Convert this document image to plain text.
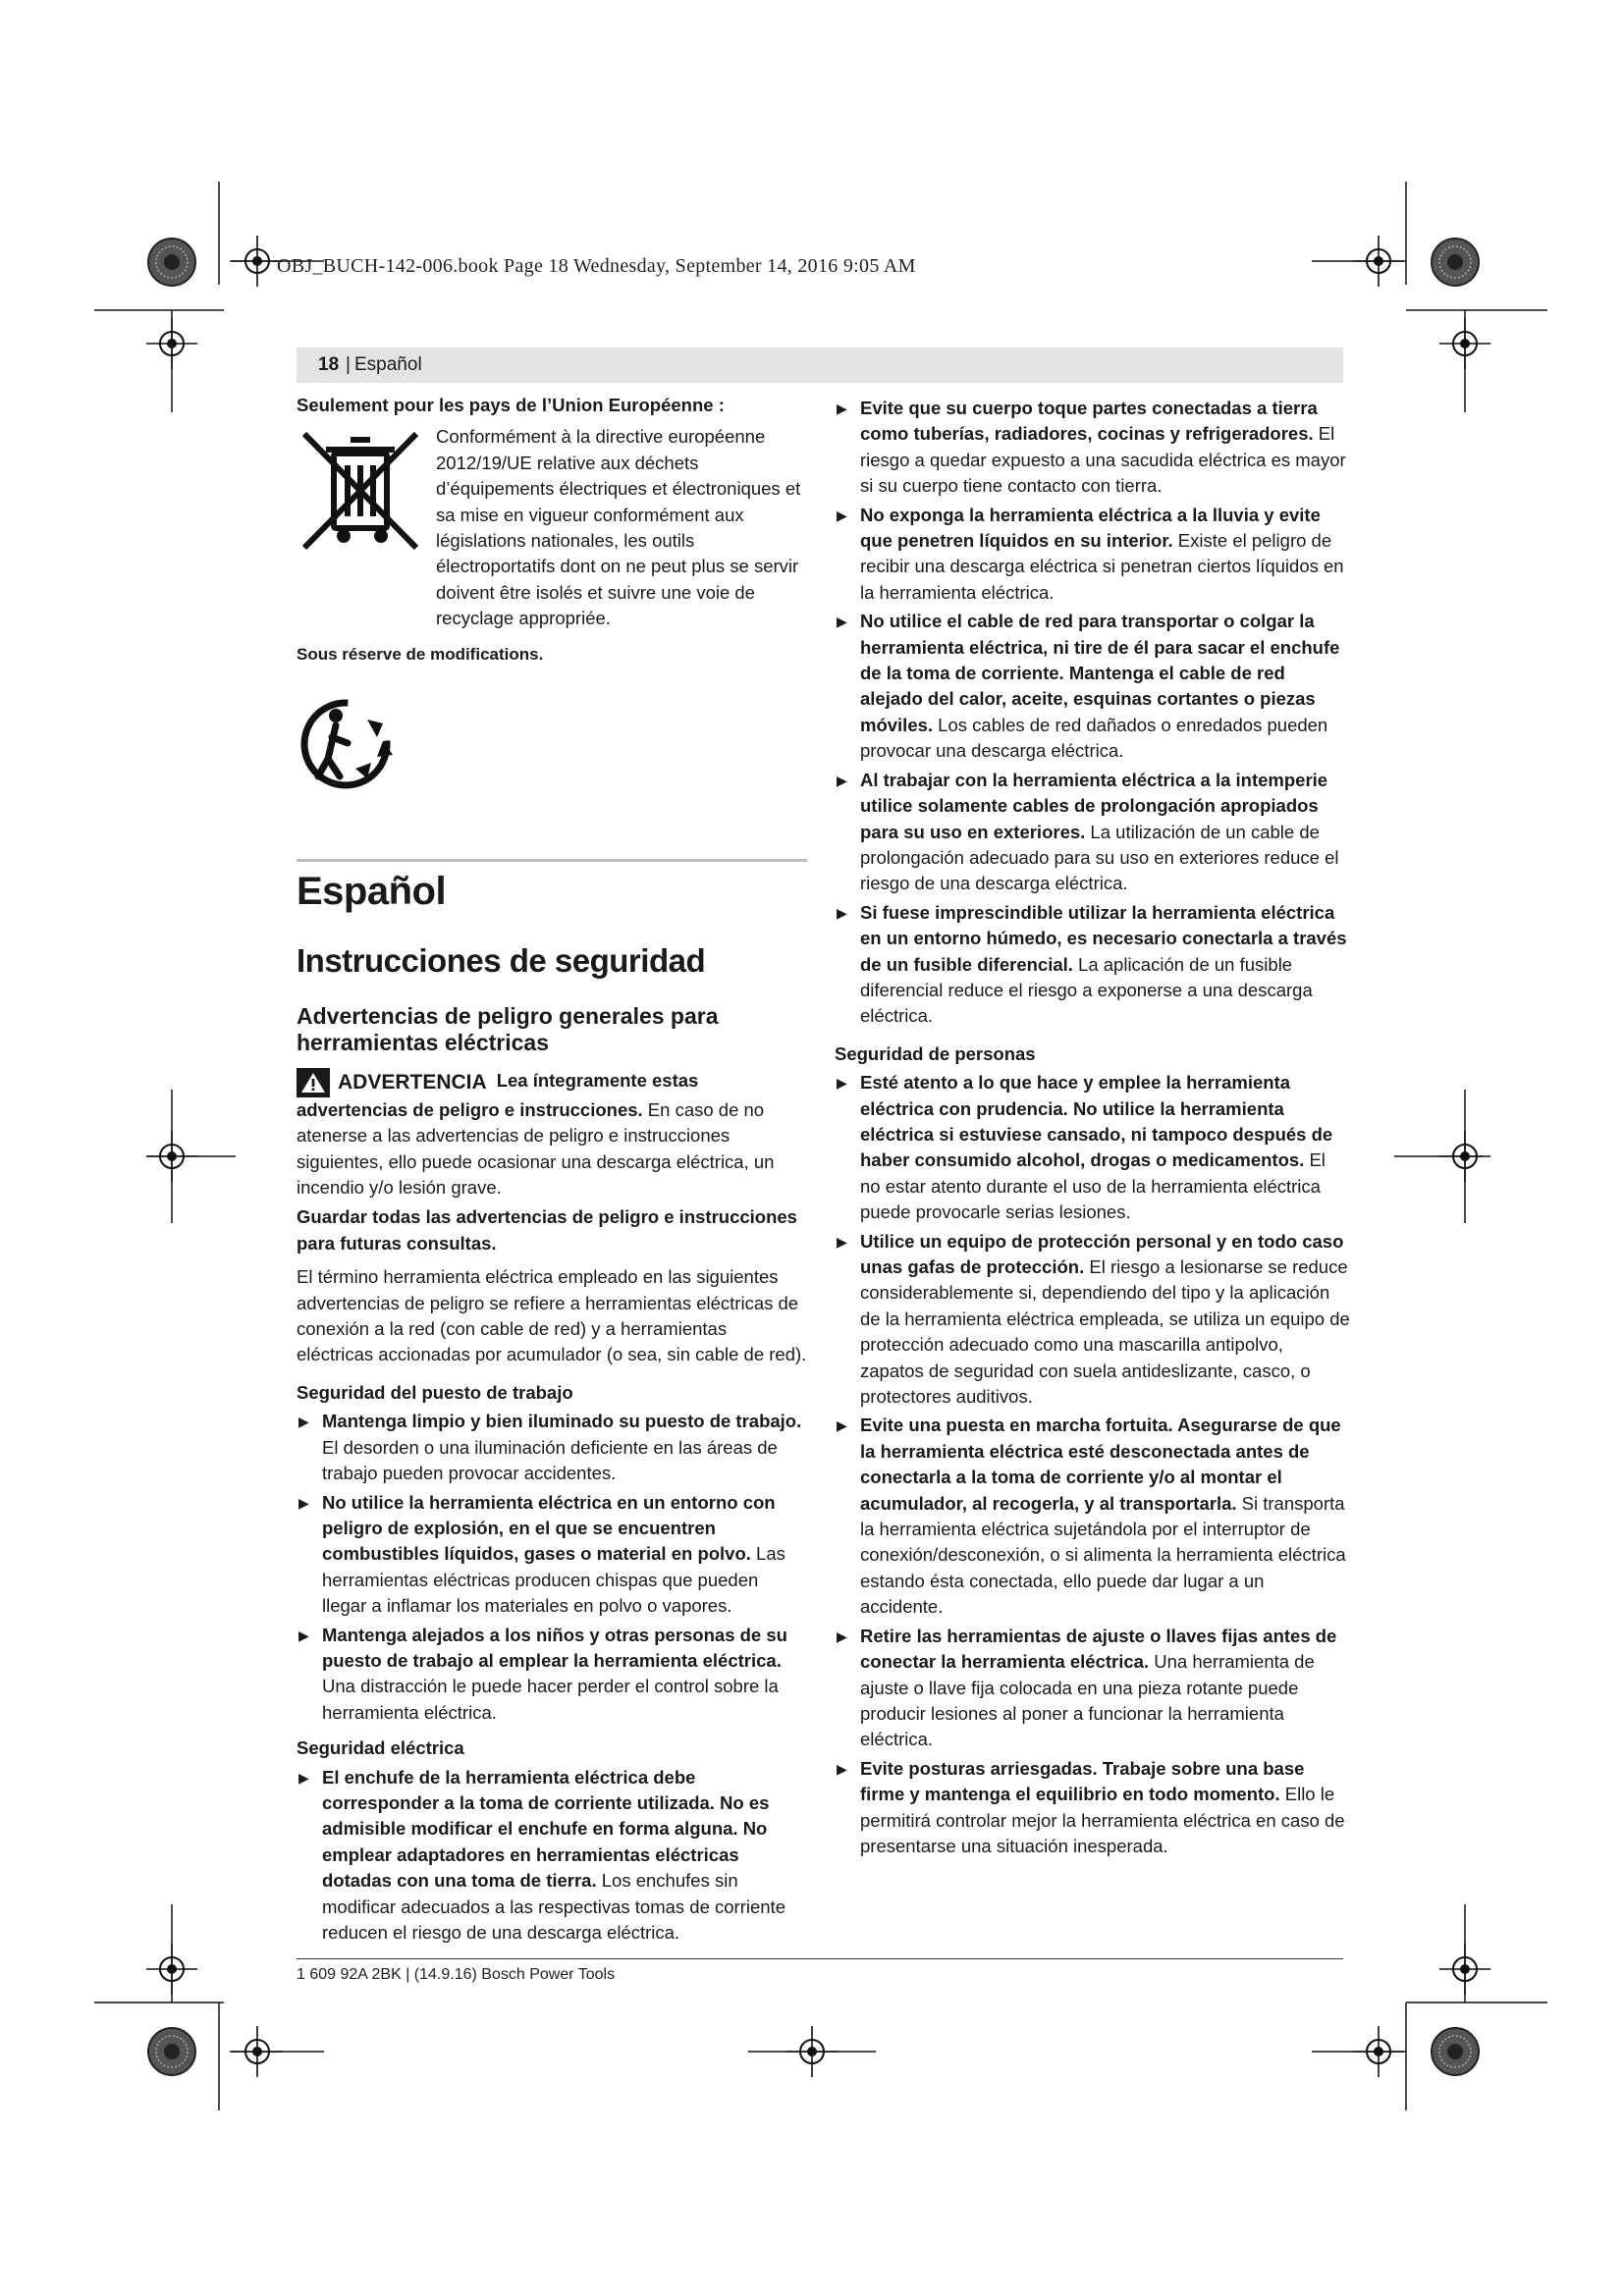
OBJ_BUCH-142-006.book Page 18 Wednesday, September 14, 2016 9:05 AM
18 | Español

Seulement pour les pays de l’Union Européenne :

Conformément à la directive européenne 2012/19/UE relative aux déchets d’équipements électriques et électroniques et sa mise en vigueur conformément aux législations nationales, les outils électroportatifs dont on ne peut plus se servir doivent être isolés et suivre une voie de recyclage appropriée.

Sous réserve de modifications.

Español
Instrucciones de seguridad
Advertencias de peligro generales para herramientas eléctricas
ADVERTENCIA Lea íntegramente estas advertencias de peligro e instrucciones. En caso de no atenerse a las advertencias de peligro e instrucciones siguientes, ello puede ocasionar una descarga eléctrica, un incendio y/o lesión grave.

Guardar todas las advertencias de peligro e instrucciones para futuras consultas.

El término herramienta eléctrica empleado en las siguientes advertencias de peligro se refiere a herramientas eléctricas de conexión a la red (con cable de red) y a herramientas eléctricas accionadas por acumulador (o sea, sin cable de red).

Seguridad del puesto de trabajo

▶ Mantenga limpio y bien iluminado su puesto de trabajo. El desorden o una iluminación deficiente en las áreas de trabajo pueden provocar accidentes.
▶ No utilice la herramienta eléctrica en un entorno con peligro de explosión, en el que se encuentren combustibles líquidos, gases o material en polvo. Las herramientas eléctricas producen chispas que pueden llegar a inflamar los materiales en polvo o vapores.
▶ Mantenga alejados a los niños y otras personas de su puesto de trabajo al emplear la herramienta eléctrica. Una distracción le puede hacer perder el control sobre la herramienta eléctrica.

Seguridad eléctrica

▶ El enchufe de la herramienta eléctrica debe corresponder a la toma de corriente utilizada. No es admisible modificar el enchufe en forma alguna. No emplear adaptadores en herramientas eléctricas dotadas con una toma de tierra. Los enchufes sin modificar adecuados a las respectivas tomas de corriente reducen el riesgo de una descarga eléctrica.
▶ Evite que su cuerpo toque partes conectadas a tierra como tuberías, radiadores, cocinas y refrigeradores. El riesgo a quedar expuesto a una sacudida eléctrica es mayor si su cuerpo tiene contacto con tierra.
▶ No exponga la herramienta eléctrica a la lluvia y evite que penetren líquidos en su interior. Existe el peligro de recibir una descarga eléctrica si penetran ciertos líquidos en la herramienta eléctrica.
▶ No utilice el cable de red para transportar o colgar la herramienta eléctrica, ni tire de él para sacar el enchufe de la toma de corriente. Mantenga el cable de red alejado del calor, aceite, esquinas cortantes o piezas móviles. Los cables de red dañados o enredados pueden provocar una descarga eléctrica.
▶ Al trabajar con la herramienta eléctrica a la intemperie utilice solamente cables de prolongación apropiados para su uso en exteriores. La utilización de un cable de prolongación adecuado para su uso en exteriores reduce el riesgo de una descarga eléctrica.
▶ Si fuese imprescindible utilizar la herramienta eléctrica en un entorno húmedo, es necesario conectarla a través de un fusible diferencial. La aplicación de un fusible diferencial reduce el riesgo a exponerse a una descarga eléctrica.

Seguridad de personas

▶ Esté atento a lo que hace y emplee la herramienta eléctrica con prudencia. No utilice la herramienta eléctrica si estuviese cansado, ni tampoco después de haber consumido alcohol, drogas o medicamentos. El no estar atento durante el uso de la herramienta eléctrica puede provocarle serias lesiones.
▶ Utilice un equipo de protección personal y en todo caso unas gafas de protección. El riesgo a lesionarse se reduce considerablemente si, dependiendo del tipo y la aplicación de la herramienta eléctrica empleada, se utiliza un equipo de protección adecuado como una mascarilla antipolvo, zapatos de seguridad con suela antideslizante, casco, o protectores auditivos.
▶ Evite una puesta en marcha fortuita. Asegurarse de que la herramienta eléctrica esté desconectada antes de conectarla a la toma de corriente y/o al montar el acumulador, al recogerla, y al transportarla. Si transporta la herramienta eléctrica sujetándola por el interruptor de conexión/desconexión, o si alimenta la herramienta eléctrica estando ésta conectada, ello puede dar lugar a un accidente.
▶ Retire las herramientas de ajuste o llaves fijas antes de conectar la herramienta eléctrica. Una herramienta de ajuste o llave fija colocada en una pieza rotante puede producir lesiones al poner a funcionar la herramienta eléctrica.
▶ Evite posturas arriesgadas. Trabaje sobre una base firme y mantenga el equilibrio en todo momento. Ello le permitirá controlar mejor la herramienta eléctrica en caso de presentarse una situación inesperada.
1 609 92A 2BK | (14.9.16) Bosch Power Tools
